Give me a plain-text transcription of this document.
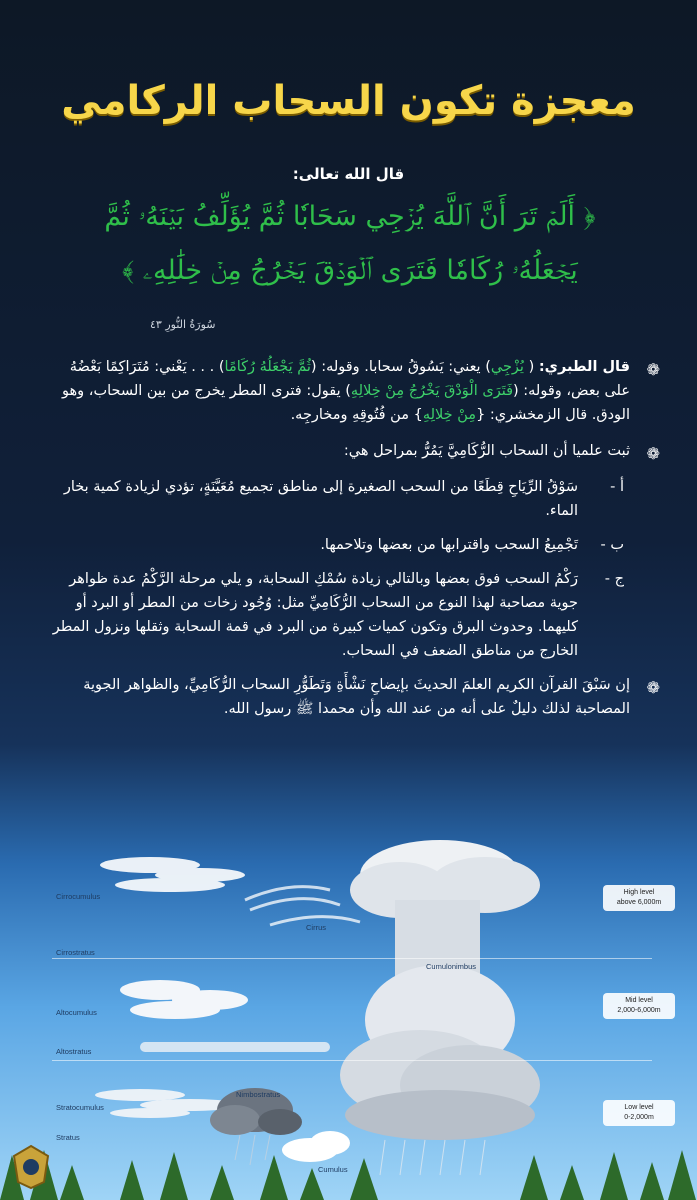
معجزة تكون السحاب الركامي
قال الله تعالى:
﴿ أَلَمۡ تَرَ أَنَّ ٱللَّهَ يُزۡجِي سَحَابٗا ثُمَّ يُؤَلِّفُ بَيۡنَهُۥ ثُمَّ
يَجۡعَلُهُۥ رُكَامٗا فَتَرَى ٱلۡوَدۡقَ يَخۡرُجُ مِنۡ خِلَٰلِهِۦ ﴾
سُورَةُ النُّورِ ٤٣
❁
قال الطبري: ( يُزْجِي) يعني: يَسُوقُ سحابا. وقوله: (ثُمَّ يَجْعَلُهُ رُكَامًا) . . . يَعْني: مُتَرَاكِمًا بَعْضُهُ على بعض، وقوله: (فَتَرَى الْوَدْقَ يَخْرُجُ مِنْ خِلالِهِ) يقول: فترى المطر يخرج من بين السحاب، وهو الودق. قال الزمخشري: {مِنْ خِلالِهِ} من فُتُوقِهِ ومخارجِه.
❁
ثبت علميا أن السحاب الرُّكَامِيَّ يَمُرُّ بمراحل هي:
أ -
سَوْقُ الرِّيَاحِ قِطَعًا من السحب الصغيرة إلى مناطق تجميع مُعَيَّنَةٍ، تؤدي لزيادة كمية بخار الماء.
ب -
تَجْمِيعُ السحب واقترابها من بعضها وتلاحمها.
ج -
رَكْمُ السحب فوق بعضها وبالتالي زيادة سُمْكِ السحابة، و يلي مرحلة الرَّكْمُ عدة ظواهر جوية مصاحبة لهذا النوع من السحاب الرُّكَامِيِّ مثل: وُجُود زخات من المطر أو البرد أو كليهما. وحدوث البرق وتكون كميات كبيرة من البرد في قمة السحابة وثقلها ونزول المطر الخارج من مناطق الضعف في السحاب.
❁
إن سَبْقَ القرآن الكريم العلمَ الحديثَ بإيضاحِ نَشْأَةِ وَتَطَوُّرِ السحاب الرُّكَامِيِّ، والظواهر الجوية المصاحبة لذلك دليلٌ على أنه من عند الله وأن محمدا ﷺ رسول الله.
Cirrocumulus
Cirrus
Cirrostratus
Cumulonimbus
Altocumulus
Altostratus
Nimbostratus
Stratocumulus
Stratus
Cumulus
High level
above 6,000m
Mid level
2,000-6,000m
Low level
0-2,000m
